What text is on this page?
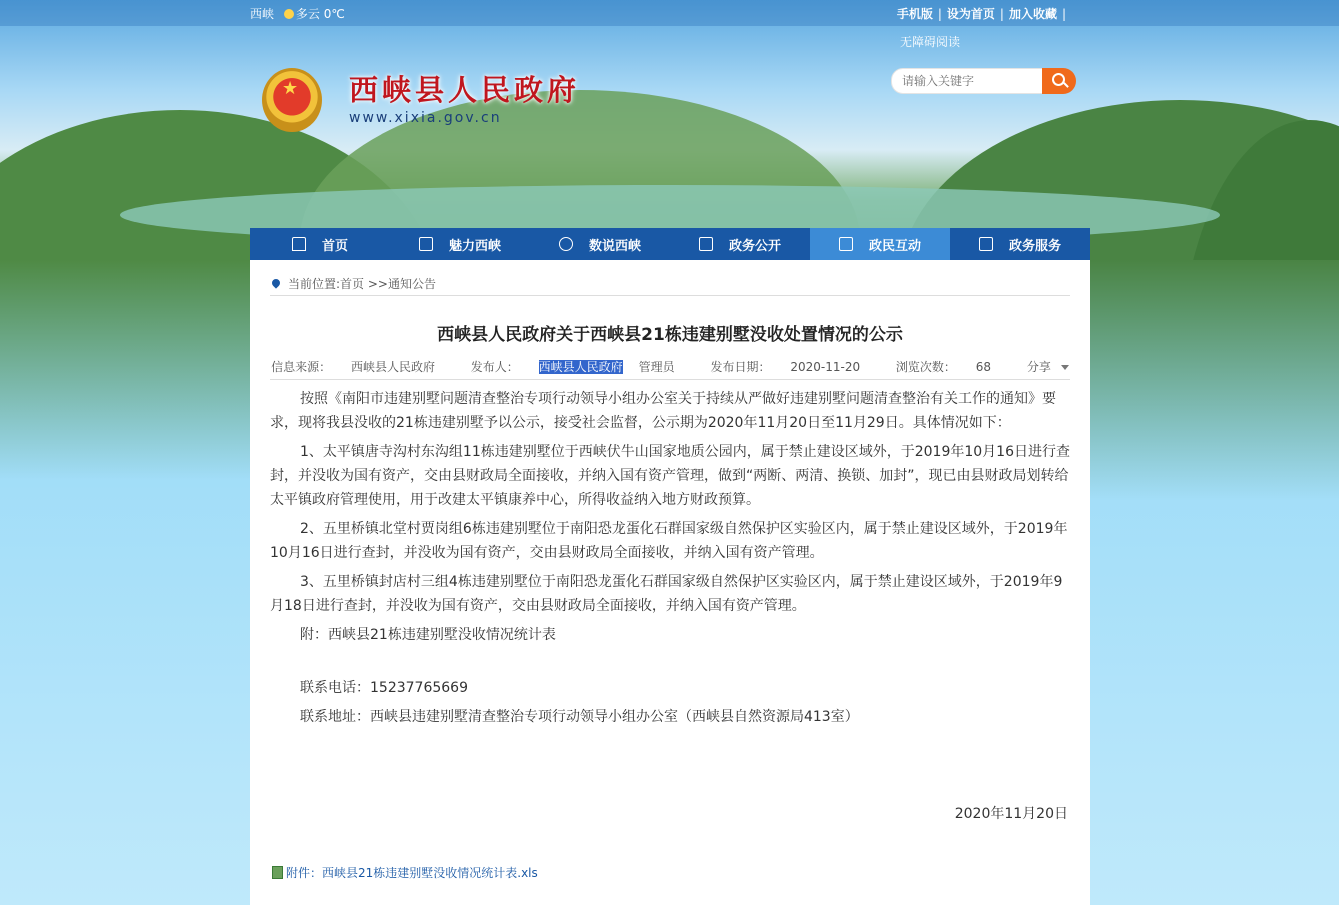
西峡 多云 0℃	手机版 | 设为首页 | 加入收藏 |
无障碍阅读
★
西峡县人民政府
www.xixia.gov.cn
请输入关键字
首页	魅力西峡	数说西峡	政务公开	政民互动	政务服务
当前位置:首页 >>通知公告
西峡县人民政府关于西峡县21栋违建别墅没收处置情况的公示
信息来源： 西峡县人民政府	发布人： 西峡县人民政府 管理员	发布日期： 2020-11-20	浏览次数： 68	分享

按照《南阳市违建别墅问题清查整治专项行动领导小组办公室关于持续从严做好违建别墅问题清查整治有关工作的通知》要求，现将我县没收的21栋违建别墅予以公示，接受社会监督，公示期为2020年11月20日至11月29日。具体情况如下：

1、太平镇唐寺沟村东沟组11栋违建别墅位于西峡伏牛山国家地质公园内，属于禁止建设区域外，于2019年10月16日进行查封，并没收为国有资产，交由县财政局全面接收，并纳入国有资产管理，做到“两断、两清、换锁、加封”，现已由县财政局划转给太平镇政府管理使用，用于改建太平镇康养中心，所得收益纳入地方财政预算。

2、五里桥镇北堂村贾岗组6栋违建别墅位于南阳恐龙蛋化石群国家级自然保护区实验区内，属于禁止建设区域外，于2019年10月16日进行查封，并没收为国有资产，交由县财政局全面接收，并纳入国有资产管理。

3、五里桥镇封店村三组4栋违建别墅位于南阳恐龙蛋化石群国家级自然保护区实验区内，属于禁止建设区域外，于2019年9月18日进行查封，并没收为国有资产，交由县财政局全面接收，并纳入国有资产管理。

附：西峡县21栋违建别墅没收情况统计表

联系电话：15237765669

联系地址：西峡县违建别墅清查整治专项行动领导小组办公室（西峡县自然资源局413室）

2020年11月20日
附件：西峡县21栋违建别墅没收情况统计表.xls
